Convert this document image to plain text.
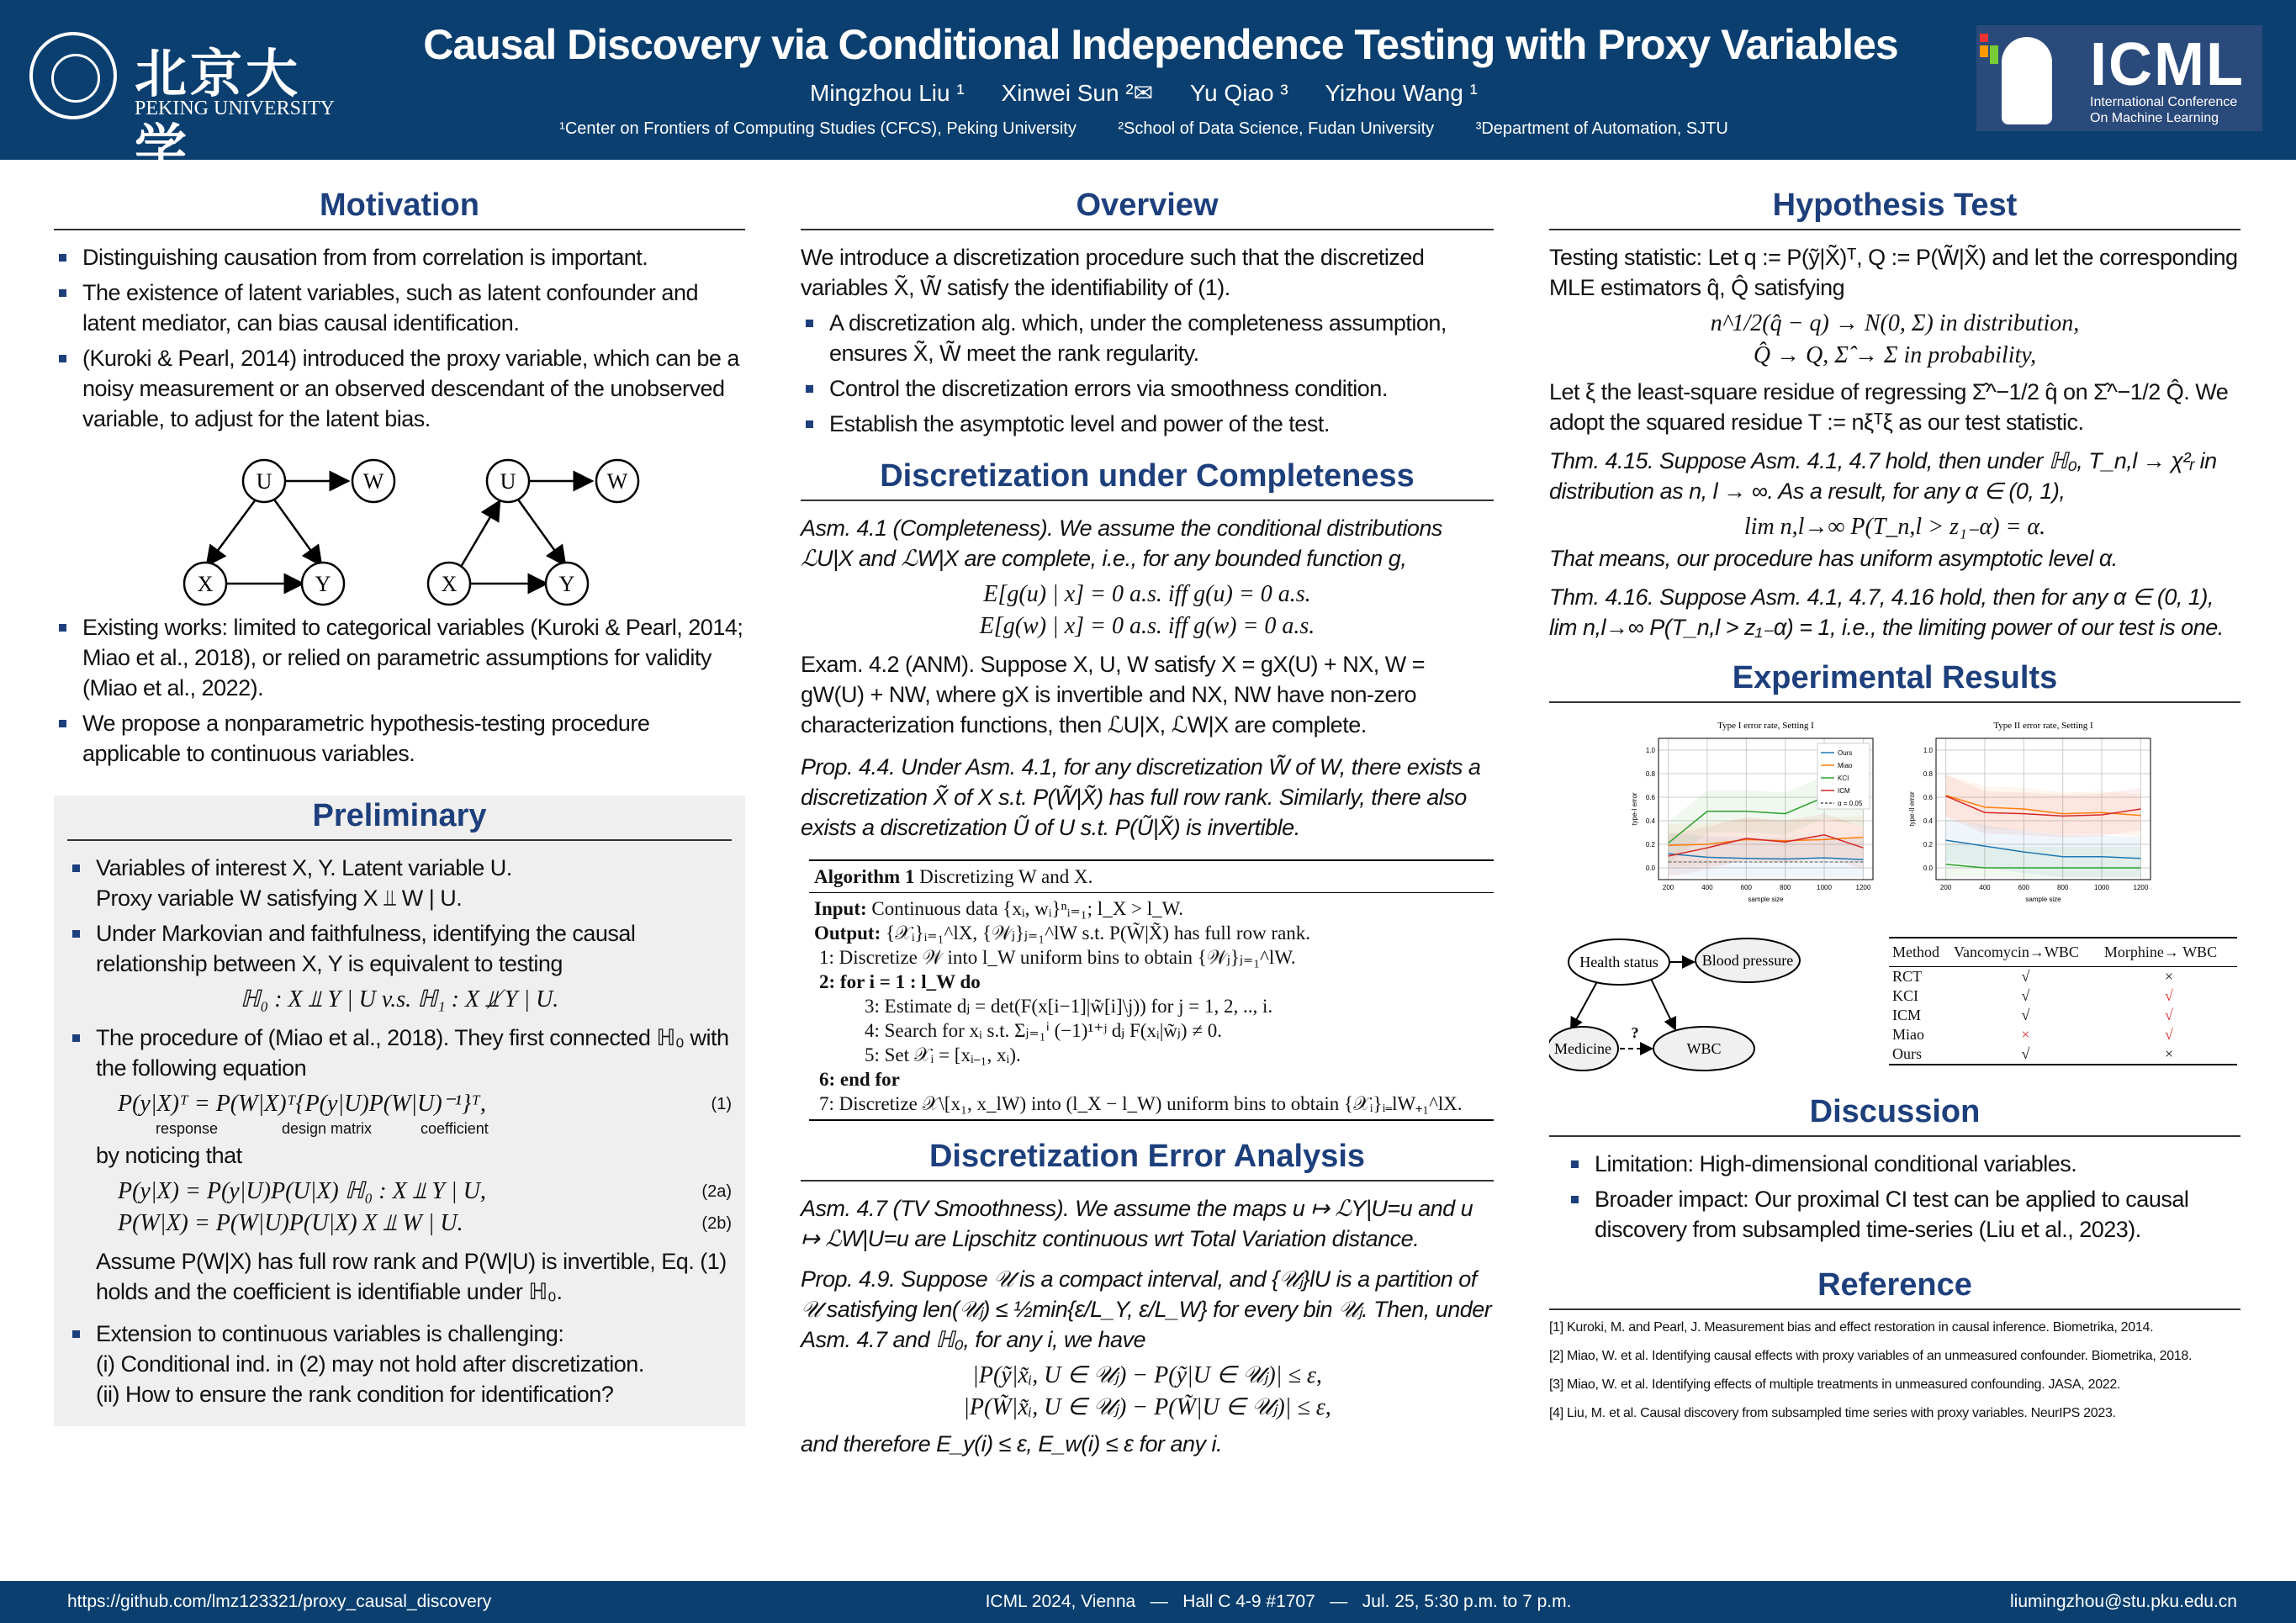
北京大学
PEKING UNIVERSITY
Causal Discovery via Conditional Independence Testing with Proxy Variables
Mingzhou Liu ¹ Xinwei Sun ²✉ Yu Qiao ³ Yizhou Wang ¹
¹Center on Frontiers of Computing Studies (CFCS), Peking University ²School of Data Science, Fudan University ³Department of Automation, SJTU
ICML
International Conference
On Machine Learning
Motivation
Distinguishing causation from from correlation is important.
The existence of latent variables, such as latent confounder and latent mediator, can bias causal identification.
(Kuroki & Pearl, 2014) introduced the proxy variable, which can be a noisy measurement or an observed descendant of the unobserved variable, to adjust for the latent bias.
U	W
X	Y
U	W
X	Y
Existing works: limited to categorical variables (Kuroki & Pearl, 2014; Miao et al., 2018), or relied on parametric assumptions for validity (Miao et al., 2022).
We propose a nonparametric hypothesis-testing procedure applicable to continuous variables.
Preliminary
Variables of interest X, Y. Latent variable U.
Proxy variable W satisfying X ⫫ W | U.
Under Markovian and faithfulness, identifying the causal relationship between X, Y is equivalent to testing
ℍ₀ : X ⫫ Y | U v.s. ℍ₁ : X ⫫̸ Y | U.
The procedure of (Miao et al., 2018). They first connected ℍ₀ with the following equation
P(y|X)ᵀ = P(W|X)ᵀ{P(y|U)P(W|U)⁻¹}ᵀ,	(1)
response	design matrix	coefficient
by noticing that
P(y|X) = P(y|U)P(U|X) ℍ₀ : X ⫫ Y | U,	(2a)
P(W|X) = P(W|U)P(U|X) X ⫫ W | U.	(2b)
Assume P(W|X) has full row rank and P(W|U) is invertible, Eq. (1) holds and the coefficient is identifiable under ℍ₀.
Extension to continuous variables is challenging:
(i) Conditional ind. in (2) may not hold after discretization.
(ii) How to ensure the rank condition for identification?
Overview
We introduce a discretization procedure such that the discretized variables X̃, W̃ satisfy the identifiability of (1).
A discretization alg. which, under the completeness assumption, ensures X̃, W̃ meet the rank regularity.
Control the discretization errors via smoothness condition.
Establish the asymptotic level and power of the test.
Discretization under Completeness
Asm. 4.1 (Completeness). We assume the conditional distributions ℒU|X and ℒW|X are complete, i.e., for any bounded function g,
E[g(u) | x] = 0 a.s. iff g(u) = 0 a.s.
E[g(w) | x] = 0 a.s. iff g(w) = 0 a.s.
Exam. 4.2 (ANM). Suppose X, U, W satisfy X = gX(U) + NX, W = gW(U) + NW, where gX is invertible and NX, NW have non-zero characterization functions, then ℒU|X, ℒW|X are complete.
Prop. 4.4. Under Asm. 4.1, for any discretization W̃ of W, there exists a discretization X̃ of X s.t. P(W̃|X̃) has full row rank. Similarly, there also exists a discretization Ũ of U s.t. P(Ũ|X̃) is invertible.
Algorithm 1 Discretizing W and X.
Input: Continuous data {xᵢ, wᵢ}ⁿᵢ₌₁; l_X > l_W.
Output: {𝒳ᵢ}ᵢ₌₁^lX, {𝒲ⱼ}ⱼ₌₁^lW s.t. P(W̃|X̃) has full row rank.
1: Discretize 𝒲 into l_W uniform bins to obtain {𝒲ⱼ}ⱼ₌₁^lW.
2: for i = 1 : l_W do
3: Estimate dⱼ = det(F(x[i−1]|w̃[i]\j)) for j = 1, 2, .., i.
4: Search for xᵢ s.t. Σⱼ₌₁ⁱ (−1)¹⁺ʲ dⱼ F(xᵢ|w̃ⱼ) ≠ 0.
5: Set 𝒳ᵢ = [xᵢ₋₁, xᵢ).
6: end for
7: Discretize 𝒳\[x₁, x_lW) into (l_X − l_W) uniform bins to obtain {𝒳ᵢ}ᵢ₌lW₊₁^lX.
Discretization Error Analysis
Asm. 4.7 (TV Smoothness). We assume the maps u ↦ ℒY|U=u and u ↦ ℒW|U=u are Lipschitz continuous wrt Total Variation distance.
Prop. 4.9. Suppose 𝒰 is a compact interval, and {𝒰ⱼ}lU is a partition of 𝒰 satisfying len(𝒰ⱼ) ≤ ½min{ε/L_Y, ε/L_W} for every bin 𝒰ⱼ. Then, under Asm. 4.7 and ℍ₀, for any i, we have
|P(ỹ|x̃ᵢ, U ∈ 𝒰ⱼ) − P(ỹ|U ∈ 𝒰ⱼ)| ≤ ε,
|P(W̃|x̃ᵢ, U ∈ 𝒰ⱼ) − P(W̃|U ∈ 𝒰ⱼ)| ≤ ε,
and therefore E_y(i) ≤ ε, E_w(i) ≤ ε for any i.
Hypothesis Test
Testing statistic: Let q := P(ỹ|X̃)ᵀ, Q := P(W̃|X̃) and let the corresponding MLE estimators q̂, Q̂ satisfying
n^1/2(q̂ − q) → N(0, Σ) in distribution,
Q̂ → Q, Σ̂ → Σ in probability,
Let ξ the least-square residue of regressing Σ̂^−1/2 q̂ on Σ̂^−1/2 Q̂. We adopt the squared residue T := nξᵀξ as our test statistic.
Thm. 4.15. Suppose Asm. 4.1, 4.7 hold, then under ℍ₀, T_n,l → χ²ᵣ in distribution as n, l → ∞. As a result, for any α ∈ (0, 1),
lim n,l→∞ P(T_n,l > z₁₋α) = α.
That means, our procedure has uniform asymptotic level α.
Thm. 4.16. Suppose Asm. 4.1, 4.7, 4.16 hold, then for any α ∈ (0, 1), lim n,l→∞ P(T_n,l > z₁₋α) = 1, i.e., the limiting power of our test is one.
Experimental Results
Type I error rate, Setting I
0.0
0.2
0.4
0.6
0.8
1.0
200	400	600	800	1000	1200
sample size
type-I error
Ours
Miao
KCI
ICM
α = 0.05
Type II error rate, Setting I
0.0
0.2
0.4
0.6
0.8
1.0
200	400	600	800	1000	1200
sample size
type-II error
Health status	Blood pressure
Medicine	WBC
?
Method	Vancomycin→WBC	Morphine→ WBC
RCT	√	×
KCI	√	√
ICM	√	√
Miao	×	√
Ours	√	×
Discussion
Limitation: High-dimensional conditional variables.
Broader impact: Our proximal CI test can be applied to causal discovery from subsampled time-series (Liu et al., 2023).
Reference
[1] Kuroki, M. and Pearl, J. Measurement bias and effect restoration in causal inference. Biometrika, 2014.
[2] Miao, W. et al. Identifying causal effects with proxy variables of an unmeasured confounder. Biometrika, 2018.
[3] Miao, W. et al. Identifying effects of multiple treatments in unmeasured confounding. JASA, 2022.
[4] Liu, M. et al. Causal discovery from subsampled time series with proxy variables. NeurIPS 2023.
https://github.com/lmz123321/proxy_causal_discovery	ICML 2024, Vienna   —   Hall C 4-9 #1707   —   Jul. 25, 5:30 p.m. to 7 p.m.	liumingzhou@stu.pku.edu.cn
